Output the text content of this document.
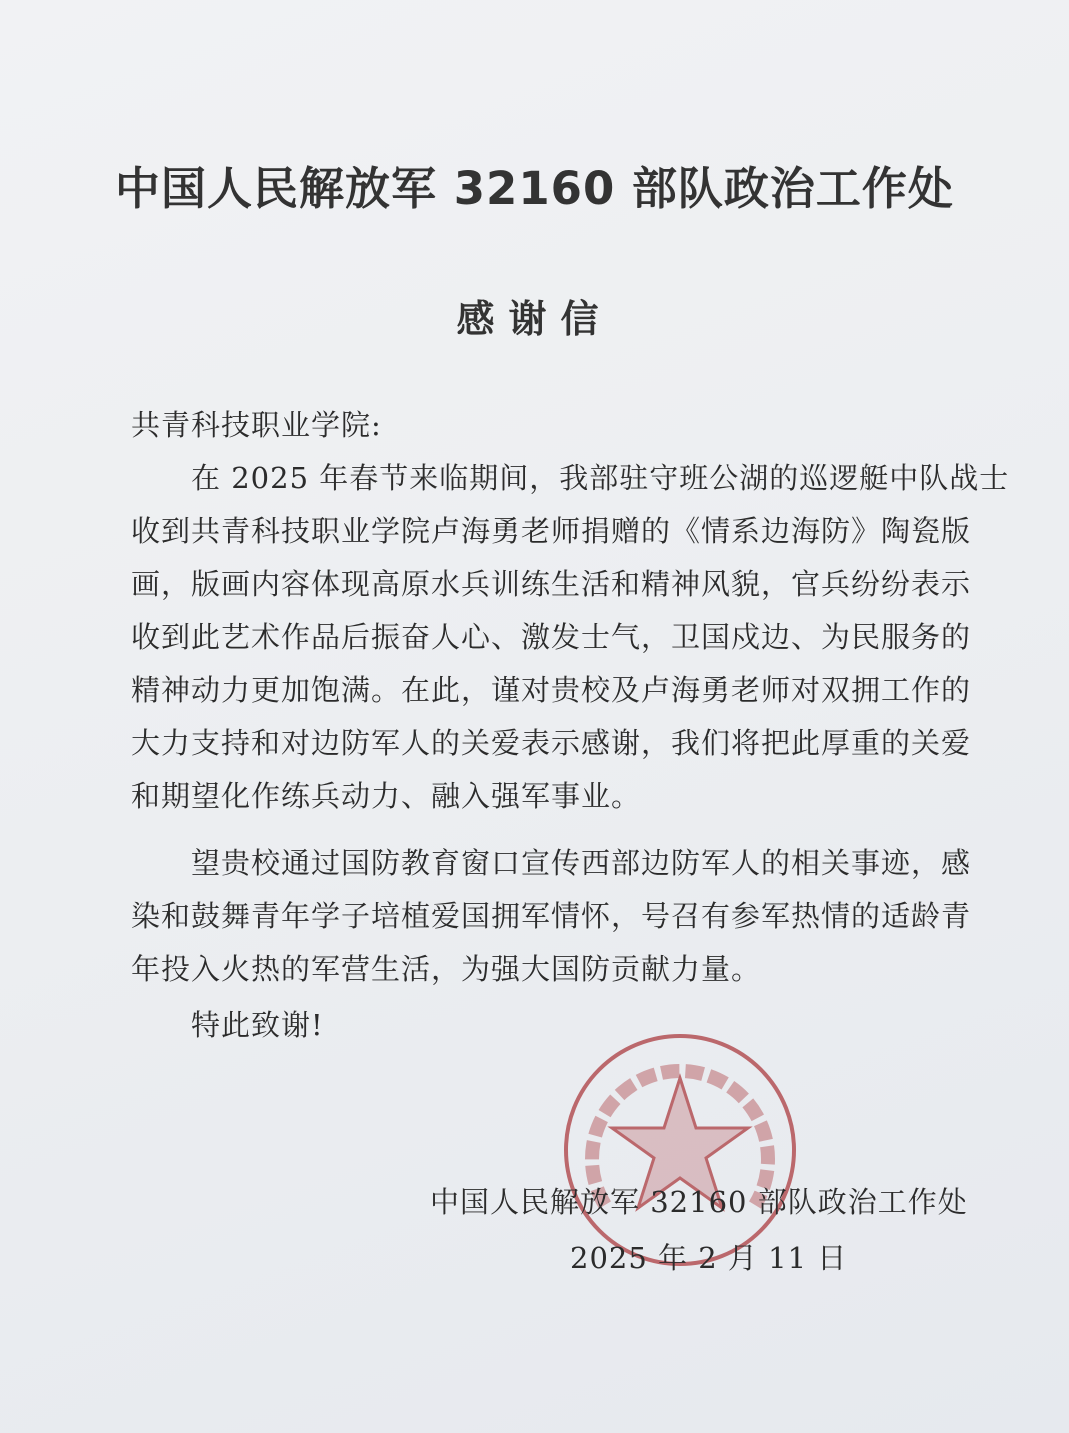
中国人民解放军 32160 部队政治工作处
感谢信
共青科技职业学院:
　　在 2025 年春节来临期间，我部驻守班公湖的巡逻艇中队战士
收到共青科技职业学院卢海勇老师捐赠的《情系边海防》陶瓷版
画，版画内容体现高原水兵训练生活和精神风貌，官兵纷纷表示
收到此艺术作品后振奋人心、激发士气，卫国戍边、为民服务的
精神动力更加饱满。在此，谨对贵校及卢海勇老师对双拥工作的
大力支持和对边防军人的关爱表示感谢，我们将把此厚重的关爱
和期望化作练兵动力、融入强军事业。
　　望贵校通过国防教育窗口宣传西部边防军人的相关事迹，感
染和鼓舞青年学子培植爱国拥军情怀，号召有参军热情的适龄青
年投入火热的军营生活，为强大国防贡献力量。
　　特此致谢!
中国人民解放军 32160 部队政治工作处
2025 年 2 月 11 日
